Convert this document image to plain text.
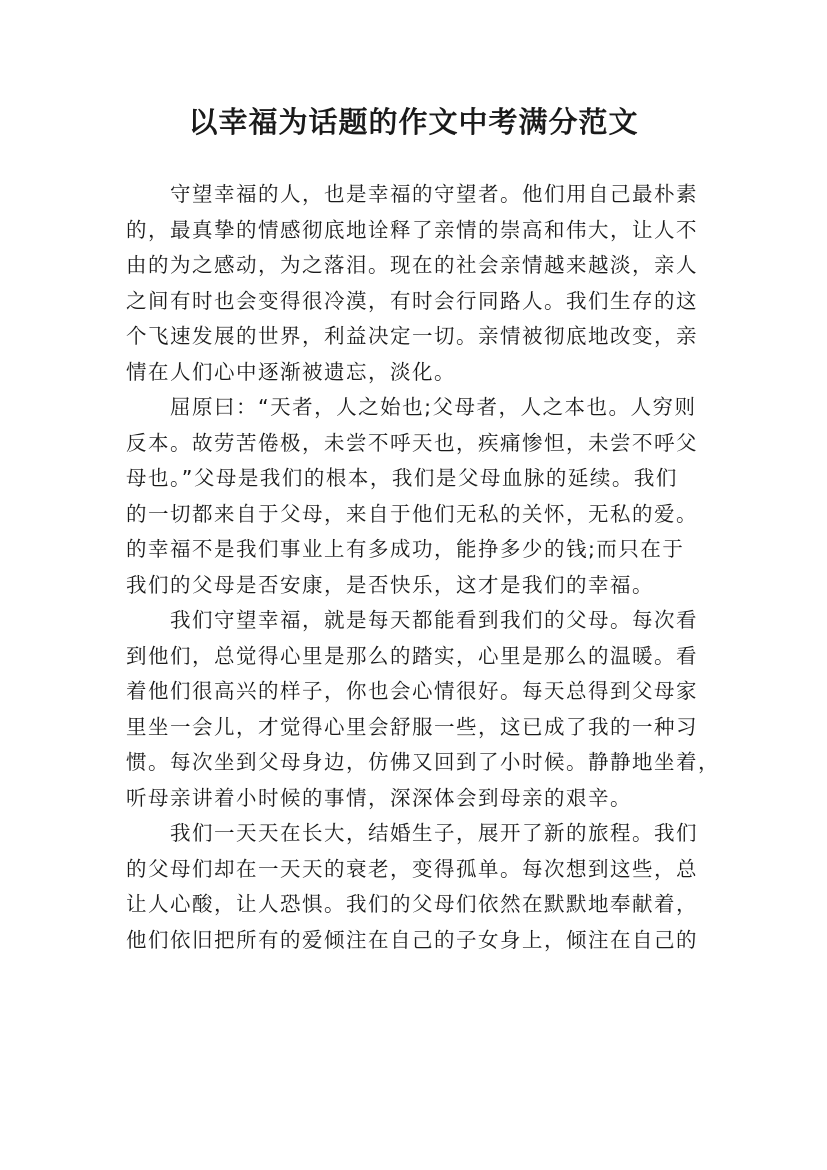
以幸福为话题的作文中考满分范文
守望幸福的人，也是幸福的守望者。他们用自己最朴素
的，最真挚的情感彻底地诠释了亲情的崇高和伟大，让人不
由的为之感动，为之落泪。现在的社会亲情越来越淡，亲人
之间有时也会变得很冷漠，有时会行同路人。我们生存的这
个飞速发展的世界，利益决定一切。亲情被彻底地改变，亲
情在人们心中逐渐被遗忘，淡化。
屈原曰：“天者，人之始也;父母者，人之本也。人穷则
反本。故劳苦倦极，未尝不呼天也，疾痛惨怛，未尝不呼父
母也。”父母是我们的根本，我们是父母血脉的延续。我们
的一切都来自于父母，来自于他们无私的关怀，无私的爱。
的幸福不是我们事业上有多成功，能挣多少的钱;而只在于
我们的父母是否安康，是否快乐，这才是我们的幸福。
我们守望幸福，就是每天都能看到我们的父母。每次看
到他们，总觉得心里是那么的踏实，心里是那么的温暖。看
着他们很高兴的样子，你也会心情很好。每天总得到父母家
里坐一会儿，才觉得心里会舒服一些，这已成了我的一种习
惯。每次坐到父母身边，仿佛又回到了小时候。静静地坐着，
听母亲讲着小时候的事情，深深体会到母亲的艰辛。
我们一天天在长大，结婚生子，展开了新的旅程。我们
的父母们却在一天天的衰老，变得孤单。每次想到这些，总
让人心酸，让人恐惧。我们的父母们依然在默默地奉献着，
他们依旧把所有的爱倾注在自己的子女身上，倾注在自己的
